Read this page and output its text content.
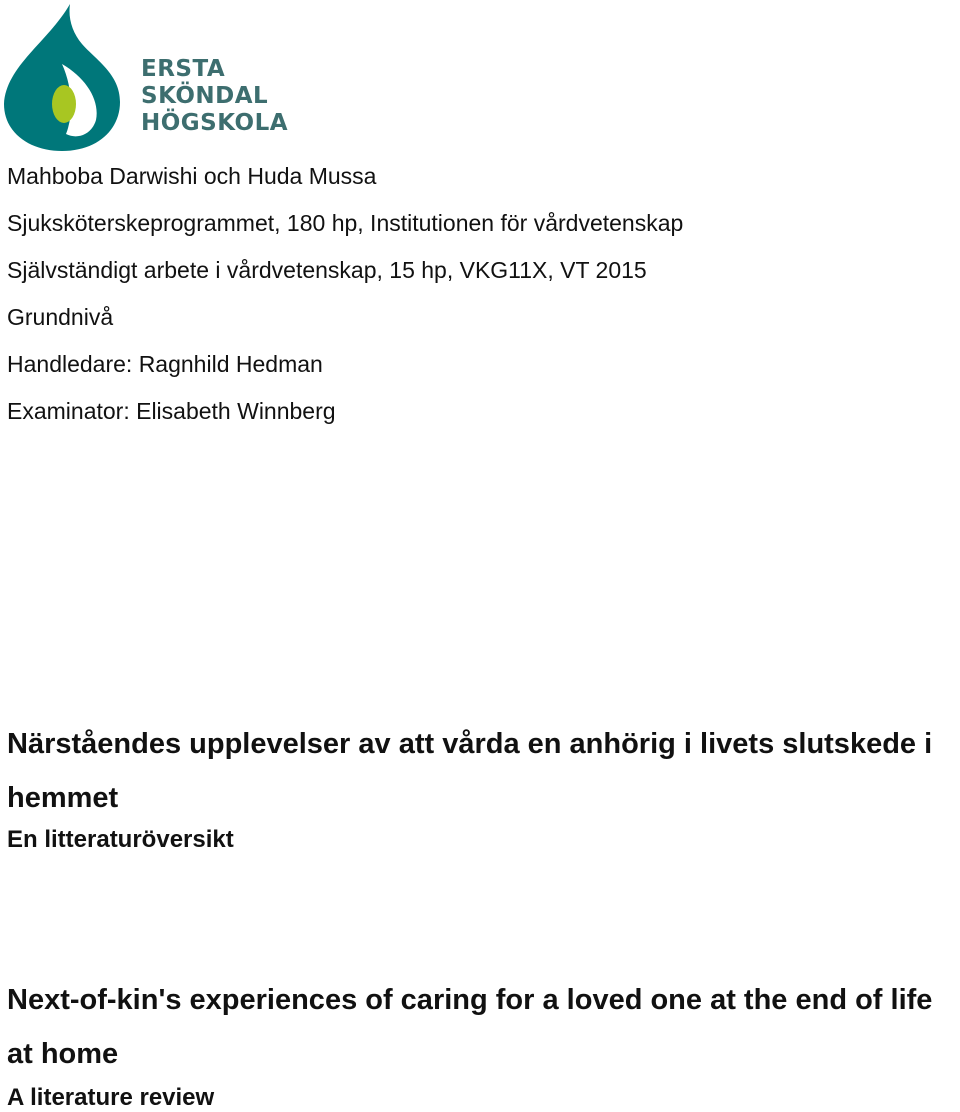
ERSTA
SKÖNDAL
HÖGSKOLA
Mahboba Darwishi och Huda Mussa
Sjuksköterskeprogrammet, 180 hp, Institutionen för vårdvetenskap
Självständigt arbete i vårdvetenskap, 15 hp, VKG11X, VT 2015
Grundnivå
Handledare: Ragnhild Hedman
Examinator: Elisabeth Winnberg
Närståendes upplevelser av att vårda en anhörig i livets slutskede i hemmet
En litteraturöversikt
Next-of-kin's experiences of caring for a loved one at the end of life at home
A literature review
